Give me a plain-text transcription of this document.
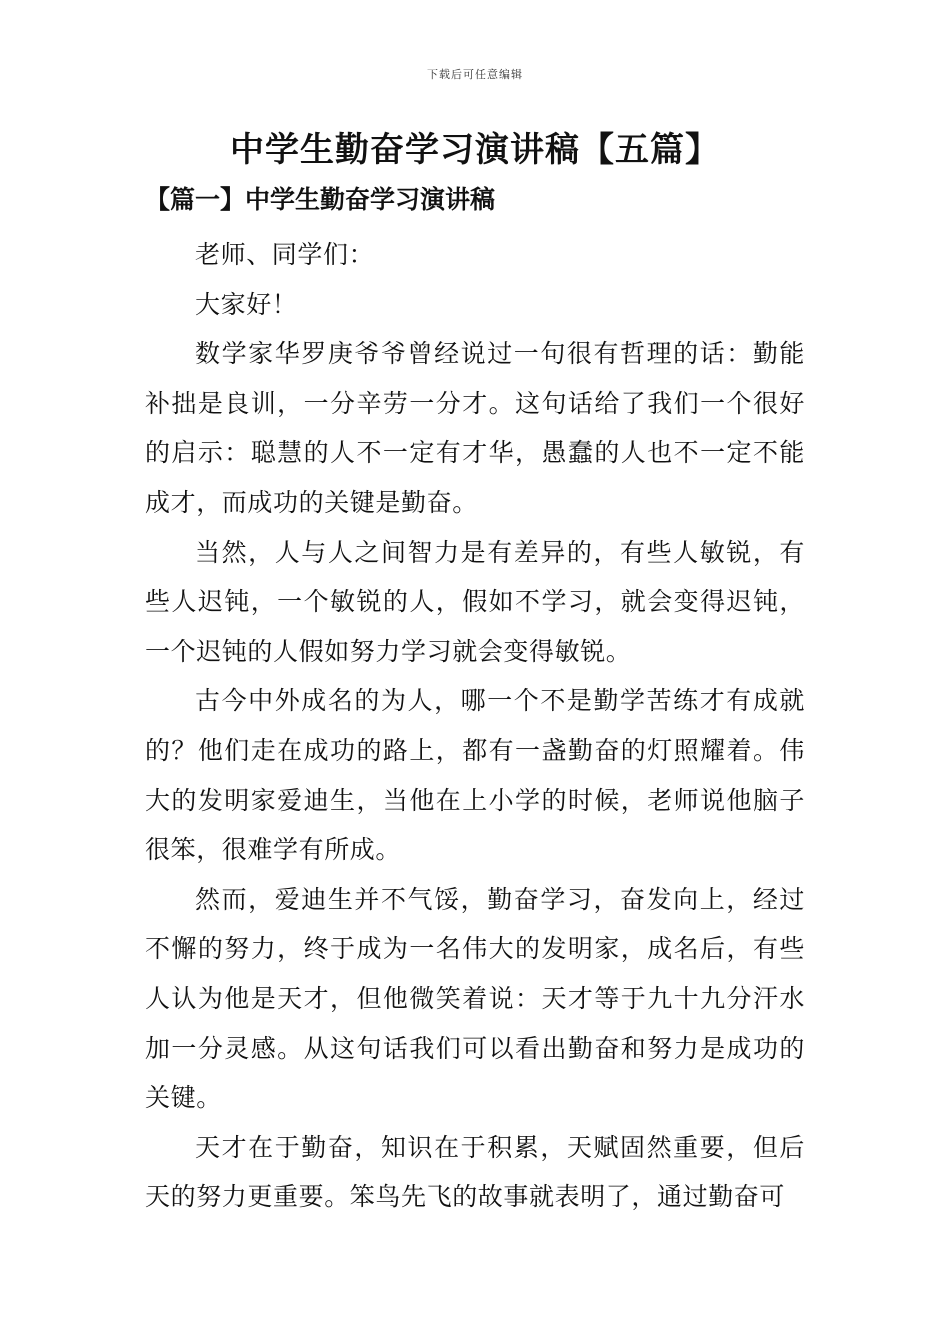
下载后可任意编辑
中学生勤奋学习演讲稿【五篇】
【篇一】中学生勤奋学习演讲稿

老师、同学们：

大家好！

数学家华罗庚爷爷曾经说过一句很有哲理的话：勤能补拙是良训，一分辛劳一分才。这句话给了我们一个很好的启示：聪慧的人不一定有才华，愚蠢的人也不一定不能成才，而成功的关键是勤奋。

当然，人与人之间智力是有差异的，有些人敏锐，有些人迟钝，一个敏锐的人，假如不学习，就会变得迟钝，一个迟钝的人假如努力学习就会变得敏锐。

古今中外成名的为人，哪一个不是勤学苦练才有成就的？他们走在成功的路上，都有一盏勤奋的灯照耀着。伟大的发明家爱迪生，当他在上小学的时候，老师说他脑子很笨，很难学有所成。

然而，爱迪生并不气馁，勤奋学习，奋发向上，经过不懈的努力，终于成为一名伟大的发明家，成名后，有些人认为他是天才，但他微笑着说：天才等于九十九分汗水加一分灵感。从这句话我们可以看出勤奋和努力是成功的关键。

天才在于勤奋，知识在于积累，天赋固然重要，但后天的努力更重要。笨鸟先飞的故事就表明了，通过勤奋可
